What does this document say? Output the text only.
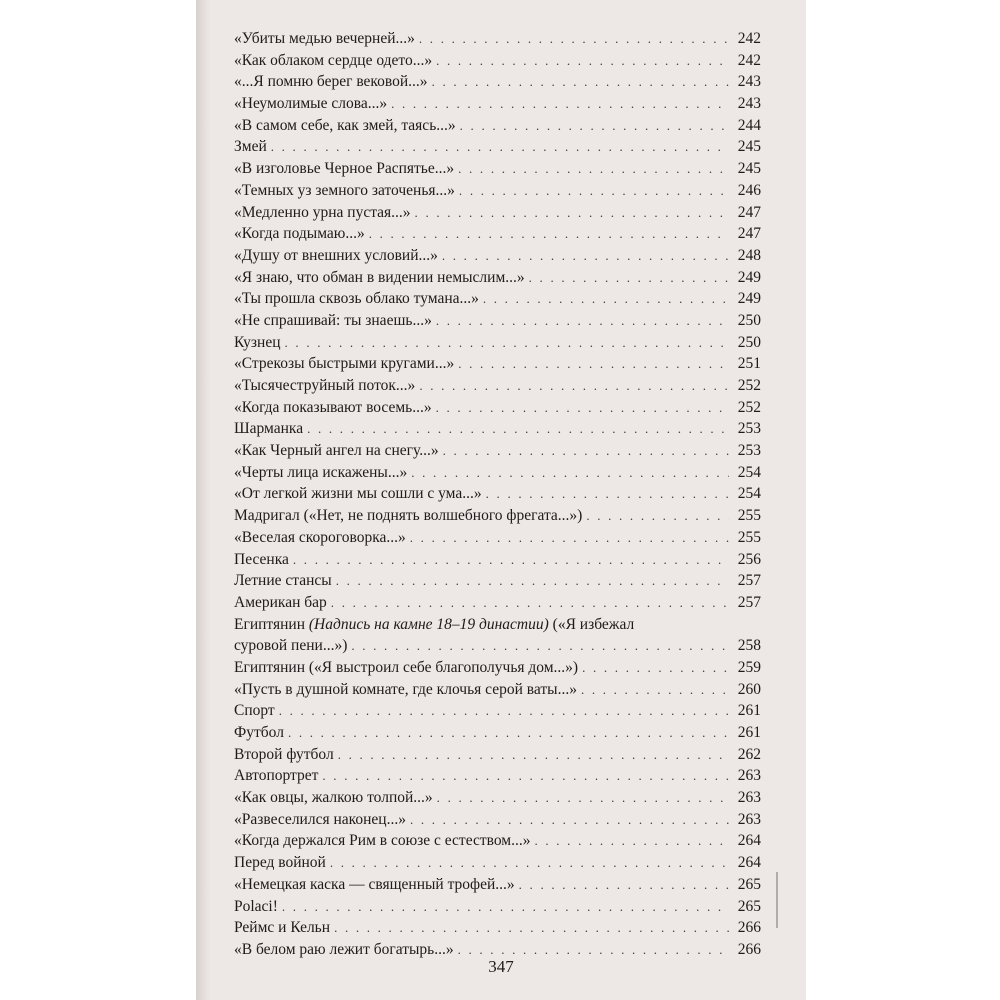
«Убиты медью вечерней...» . . .	242
«Как облаком сердце одето...» . . .	242
«...Я помню берег вековой...» . . .	243
«Неумолимые слова...» . . .	243
«В самом себе, как змей, таясь...» . . .	244
Змей . . .	245
«В изголовье Черное Распятье...» . . .	245
«Темных уз земного заточенья...» . . .	246
«Медленно урна пустая...» . . .	247
«Когда подымаю...» . . .	247
«Душу от внешних условий...» . . .	248
«Я знаю, что обман в видении немыслим...» . . .	249
«Ты прошла сквозь облако тумана...» . . .	249
«Не спрашивай: ты знаешь...» . . .	250
Кузнец . . .	250
«Стрекозы быстрыми кругами...» . . .	251
«Тысячеструйный поток...» . . .	252
«Когда показывают восемь...» . . .	252
Шарманка . . .	253
«Как Черный ангел на снегу...» . . .	253
«Черты лица искажены...» . . .	254
«От легкой жизни мы сошли с ума...» . . .	254
Мадригал («Нет, не поднять волшебного фрегата...») . . .	255
«Веселая скороговорка...» . . .	255
Песенка . . .	256
Летние стансы . . .	257
Американ бар . . .	257
Египтянин (Надпись на камне 18–19 династии) («Я избежал
суровой пени...») . . .	258
Египтянин («Я выстроил себе благополучья дом...») . . .	259
«Пусть в душной комнате, где клочья серой ваты...» . . .	260
Спорт . . .	261
Футбол . . .	261
Второй футбол . . .	262
Автопортрет . . .	263
«Как овцы, жалкою толпой...» . . .	263
«Развеселился наконец...» . . .	263
«Когда держался Рим в союзе с естеством...» . . .	264
Перед войной . . .	264
«Немецкая каска — священный трофей...» . . .	265
Polaci! . . .	265
Реймс и Кельн . . .	266
«В белом раю лежит богатырь...» . . .	266
347
